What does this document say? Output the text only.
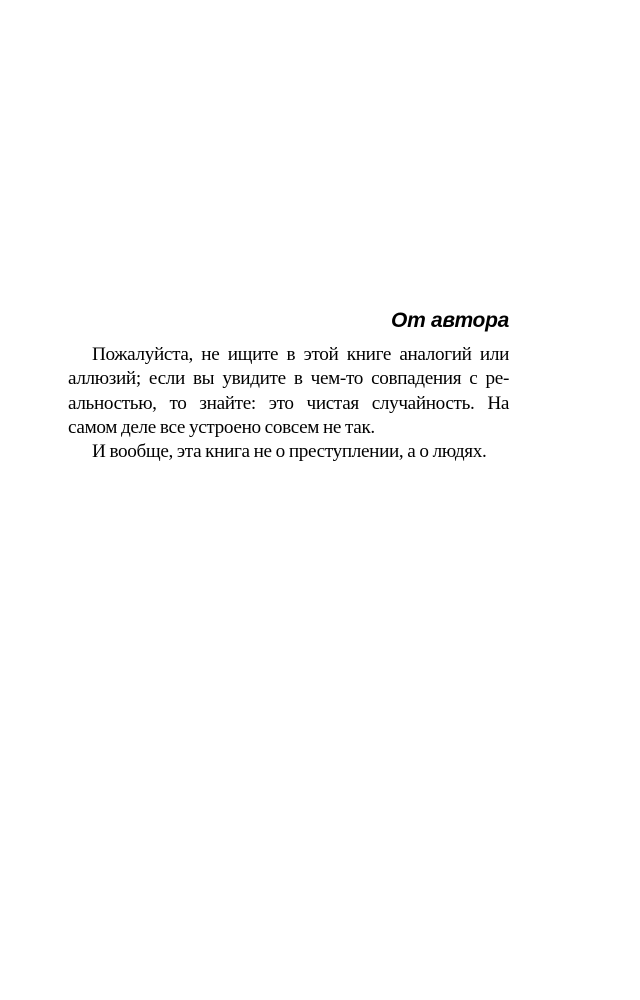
От автора
Пожалуйста, не ищите в этой книге аналогий или
аллюзий; если вы увидите в чем-то совпадения с ре-
альностью, то знайте: это чистая случайность. На
самом деле все устроено совсем не так.
И вообще, эта книга не о преступлении, а о людях.
